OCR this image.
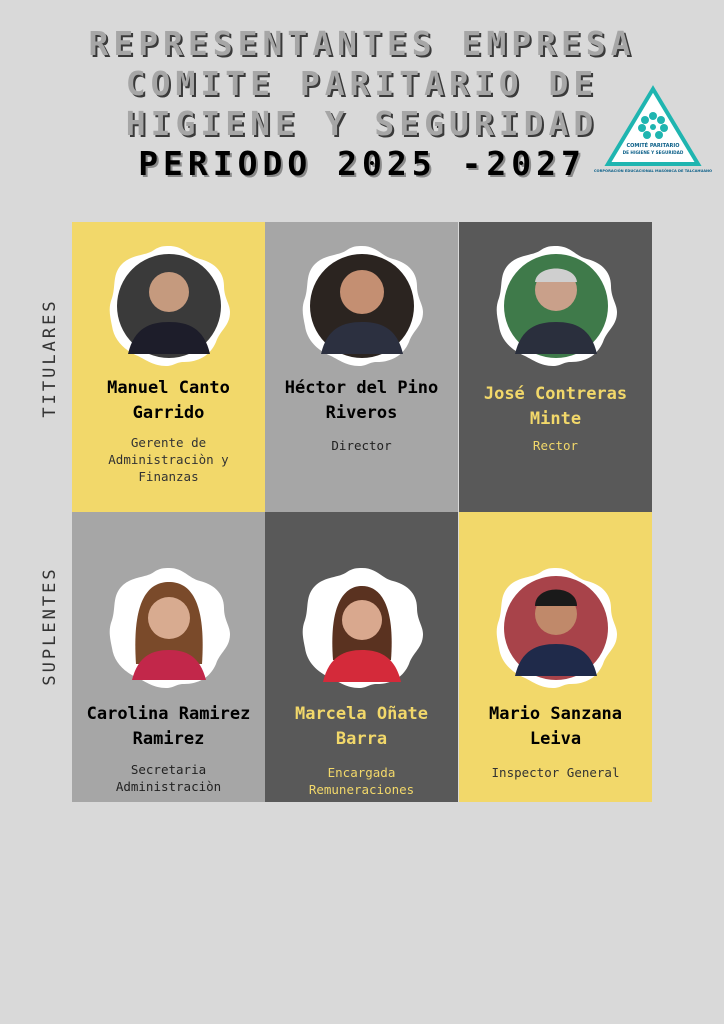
REPRESENTANTES EMPRESA
COMITE PARITARIO DE
HIGIENE Y SEGURIDAD
PERIODO 2025 -2027	COMITÉ PARITARIO
DE HIGIENE Y SEGURIDAD
CORPORACIÓN EDUCACIONAL MASÓNICA DE TALCAHUANO
TITULARES
SUPLENTES
Manuel Canto
Garrido
Gerente de
Administraciòn y
Finanzas
Héctor del Pino
Riveros
Director
José Contreras
Minte
Rector
Carolina Ramirez
Ramirez
Secretaria
Administraciòn
Marcela Oñate
Barra
Encargada
Remuneraciones
Mario Sanzana
Leiva
Inspector General
